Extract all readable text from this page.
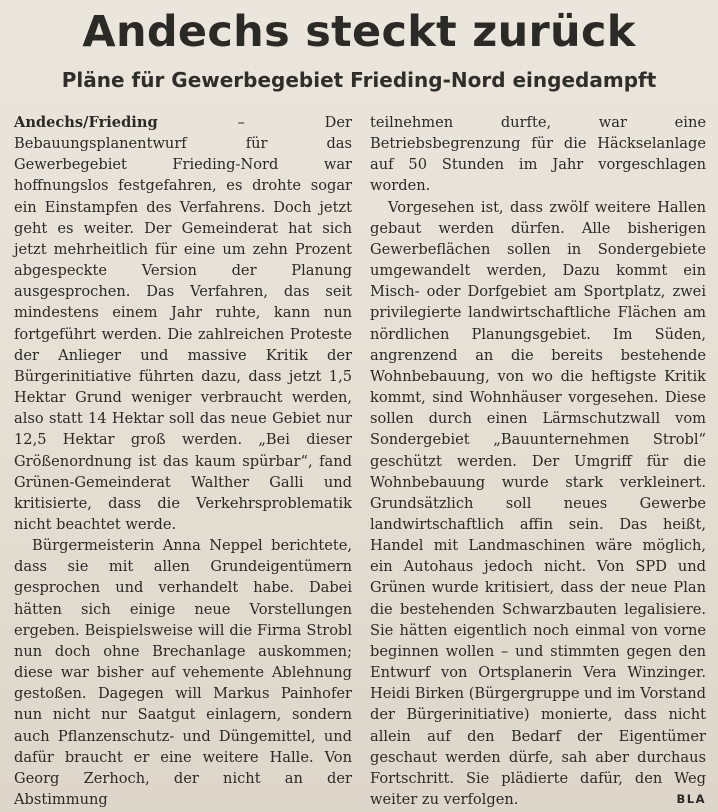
Andechs steckt zurück
Pläne für Gewerbegebiet Frieding-Nord eingedampft

Andechs/Frieding – Der Bebauungsplanentwurf für das Gewerbegebiet Frieding-Nord war hoffnungslos festgefahren, es drohte sogar ein Einstampfen des Verfahrens. Doch jetzt geht es weiter. Der Gemeinderat hat sich jetzt mehrheitlich für eine um zehn Prozent abgespeckte Version der Planung ausgesprochen. Das Verfahren, das seit mindestens einem Jahr ruhte, kann nun fortgeführt werden. Die zahlreichen Proteste der Anlieger und massive Kritik der Bürgerinitiative führten dazu, dass jetzt 1,5 Hektar Grund weniger verbraucht werden, also statt 14 Hektar soll das neue Gebiet nur 12,5 Hektar groß werden. „Bei dieser Größenordnung ist das kaum spürbar“, fand Grünen-Gemeinderat Walther Galli und kritisierte, dass die Verkehrsproblematik nicht beachtet werde.

Bürgermeisterin Anna Neppel berichtete, dass sie mit allen Grundeigentümern gesprochen und verhandelt habe. Dabei hätten sich einige neue Vorstellungen ergeben. Beispielsweise will die Firma Strobl nun doch ohne Brechanlage auskommen; diese war bisher auf vehemente Ablehnung gestoßen. Dagegen will Markus Painhofer nun nicht nur Saatgut einlagern, sondern auch Pflanzenschutz- und Düngemittel, und dafür braucht er eine weitere Halle. Von Georg Zerhoch, der nicht an der Abstimmung

teilnehmen durfte, war eine Betriebsbegrenzung für die Häckselanlage auf 50 Stunden im Jahr vorgeschlagen worden.

Vorgesehen ist, dass zwölf weitere Hallen gebaut werden dürfen. Alle bisherigen Gewerbeflächen sollen in Sondergebiete umgewandelt werden, Dazu kommt ein Misch- oder Dorfgebiet am Sportplatz, zwei privilegierte landwirtschaftliche Flächen am nördlichen Planungsgebiet. Im Süden, angrenzend an die bereits bestehende Wohnbebauung, von wo die heftigste Kritik kommt, sind Wohnhäuser vorgesehen. Diese sollen durch einen Lärmschutzwall vom Sondergebiet „Bauunternehmen Strobl“ geschützt werden. Der Umgriff für die Wohnbebauung wurde stark verkleinert. Grundsätzlich soll neues Gewerbe landwirtschaftlich affin sein. Das heißt, Handel mit Landmaschinen wäre möglich, ein Autohaus jedoch nicht. Von SPD und Grünen wurde kritisiert, dass der neue Plan die bestehenden Schwarzbauten legalisiere. Sie hätten eigentlich noch einmal von vorne beginnen wollen – und stimmten gegen den Entwurf von Ortsplanerin Vera Winzinger. Heidi Birken (Bürgergruppe und im Vorstand der Bürgerinitiative) monierte, dass nicht allein auf den Bedarf der Eigentümer geschaut werden dürfe, sah aber durchaus Fortschritt. Sie plädierte dafür, den Weg weiter zu verfolgen.	BLA
